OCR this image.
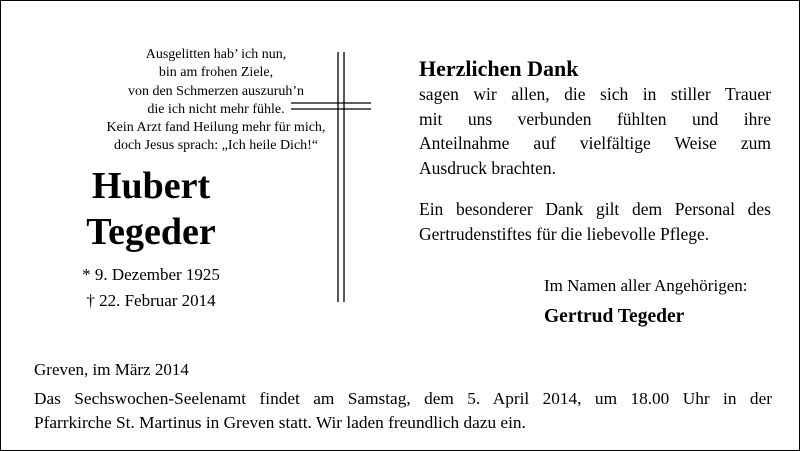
Ausgelitten hab’ ich nun,
bin am frohen Ziele,
von den Schmerzen auszuruh’n
die ich nicht mehr fühle.
Kein Arzt fand Heilung mehr für mich,
doch Jesus sprach: „Ich heile Dich!“
Hubert
Tegeder
* 9. Dezember 1925
† 22. Februar 2014
Herzlichen Dank
sagen wir allen, die sich in stiller Trauer
mit uns verbunden fühlten und ihre
Anteilnahme auf vielfältige Weise zum
Ausdruck brachten.
Ein besonderer Dank gilt dem Personal des
Gertrudenstiftes für die liebevolle Pflege.
Im Namen aller Angehörigen:
Gertrud Tegeder
Greven, im März 2014
Das Sechswochen-Seelenamt findet am Samstag, dem 5. April 2014, um 18.00 Uhr in der
Pfarrkirche St. Martinus in Greven statt. Wir laden freundlich dazu ein.
